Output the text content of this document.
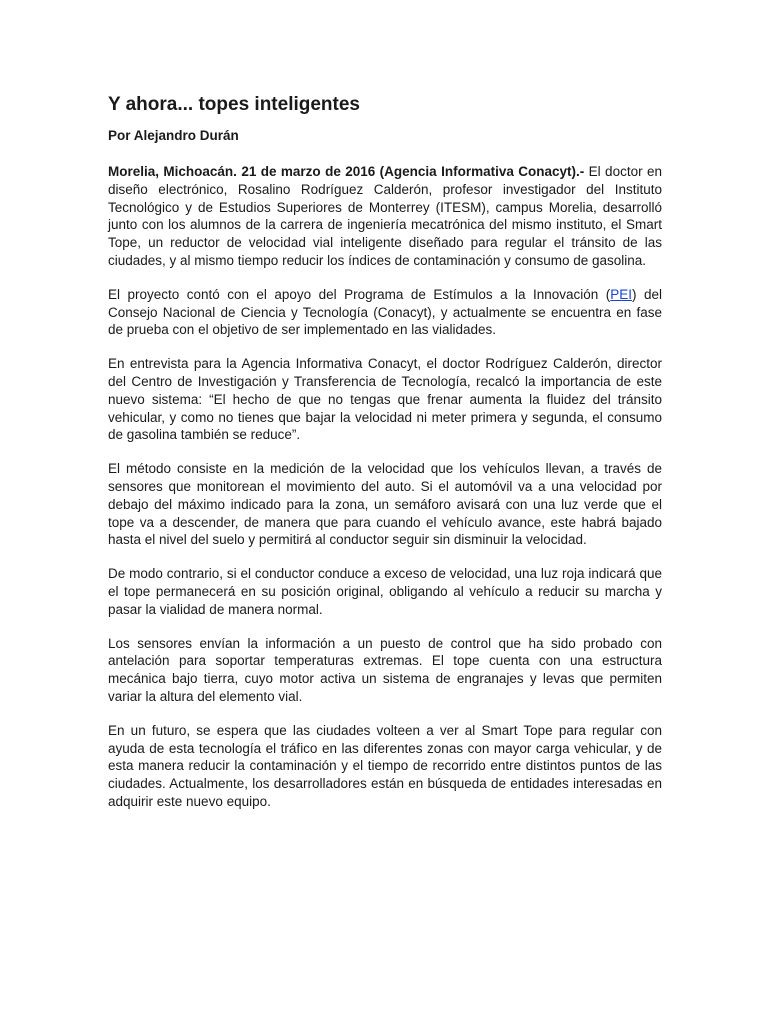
Y ahora... topes inteligentes

Por Alejandro Durán

Morelia, Michoacán. 21 de marzo de 2016 (Agencia Informativa Conacyt).- El doctor en diseño electrónico, Rosalino Rodríguez Calderón, profesor investigador del Instituto Tecnológico y de Estudios Superiores de Monterrey (ITESM), campus Morelia, desarrolló junto con los alumnos de la carrera de ingeniería mecatrónica del mismo instituto, el Smart Tope, un reductor de velocidad vial inteligente diseñado para regular el tránsito de las ciudades, y al mismo tiempo reducir los índices de contaminación y consumo de gasolina.

El proyecto contó con el apoyo del Programa de Estímulos a la Innovación (PEI) del Consejo Nacional de Ciencia y Tecnología (Conacyt), y actualmente se encuentra en fase de prueba con el objetivo de ser implementado en las vialidades.

En entrevista para la Agencia Informativa Conacyt, el doctor Rodríguez Calderón, director del Centro de Investigación y Transferencia de Tecnología, recalcó la importancia de este nuevo sistema: “El hecho de que no tengas que frenar aumenta la fluidez del tránsito vehicular, y como no tienes que bajar la velocidad ni meter primera y segunda, el consumo de gasolina también se reduce”.

El método consiste en la medición de la velocidad que los vehículos llevan, a través de sensores que monitorean el movimiento del auto. Si el automóvil va a una velocidad por debajo del máximo indicado para la zona, un semáforo avisará con una luz verde que el tope va a descender, de manera que para cuando el vehículo avance, este habrá bajado hasta el nivel del suelo y permitirá al conductor seguir sin disminuir la velocidad.

De modo contrario, si el conductor conduce a exceso de velocidad, una luz roja indicará que el tope permanecerá en su posición original, obligando al vehículo a reducir su marcha y pasar la vialidad de manera normal.

Los sensores envían la información a un puesto de control que ha sido probado con antelación para soportar temperaturas extremas. El tope cuenta con una estructura mecánica bajo tierra, cuyo motor activa un sistema de engranajes y levas que permiten variar la altura del elemento vial.

En un futuro, se espera que las ciudades volteen a ver al Smart Tope para regular con ayuda de esta tecnología el tráfico en las diferentes zonas con mayor carga vehicular, y de esta manera reducir la contaminación y el tiempo de recorrido entre distintos puntos de las ciudades. Actualmente, los desarrolladores están en búsqueda de entidades interesadas en adquirir este nuevo equipo.
